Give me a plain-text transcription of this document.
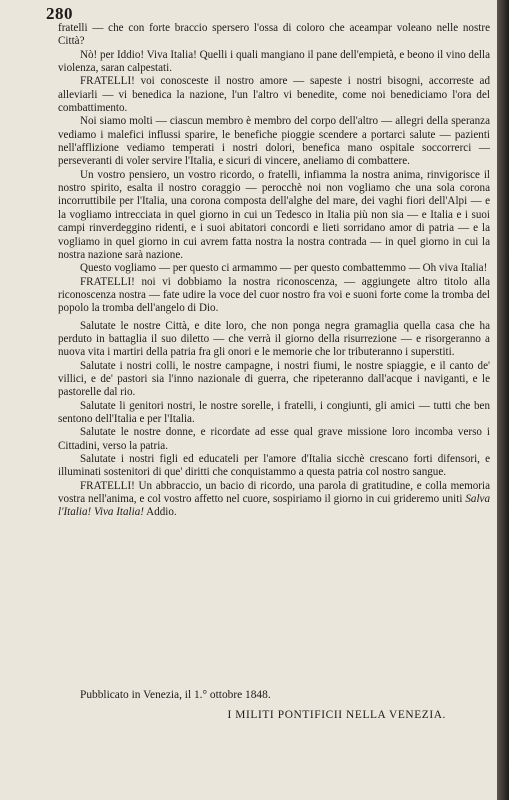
280

fratelli — che con forte braccio spersero l'ossa di coloro che aceampar voleano nelle nostre Città?

Nò! per Iddio! Viva Italia! Quelli i quali mangiano il pane dell'empietà, e beono il vino della violenza, saran calpestati.

FRATELLI! voi conosceste il nostro amore — sapeste i nostri bisogni, accorreste ad alleviarli — vi benedica la nazione, l'un l'altro vi benedite, come noi benediciamo l'ora del combattimento.

Noi siamo molti — ciascun membro è membro del corpo dell'altro — allegri della speranza vediamo i malefici influssi sparire, le benefiche pioggie scendere a portarci salute — pazienti nell'afflizione vediamo temperati i nostri dolori, benefica mano ospitale soccorrerci — perseveranti di voler servire l'Italia, e sicuri di vincere, aneliamo di combattere.

Un vostro pensiero, un vostro ricordo, o fratelli, infiamma la nostra anima, rinvigorisce il nostro spirito, esalta il nostro coraggio — perocchè noi non vogliamo che una sola corona incorruttibile per l'Italia, una corona composta dell'alghe del mare, dei vaghi fiori dell'Alpi — e la vogliamo intrecciata in quel giorno in cui un Tedesco in Italia più non sia — e Italia e i suoi campi rinverdeggino ridenti, e i suoi abitatori concordi e lieti sorridano amor di patria — e la vogliamo in quel giorno in cui avrem fatta nostra la nostra contrada — in quel giorno in cui la nostra nazione sarà nazione.

Questo vogliamo — per questo ci armammo — per questo combattemmo — Oh viva Italia!

FRATELLI! noi vi dobbiamo la nostra riconoscenza, — aggiungete altro titolo alla riconoscenza nostra — fate udire la voce del cuor nostro fra voi e suoni forte come la tromba del popolo la tromba dell'angelo di Dio.

Salutate le nostre Città, e dite loro, che non ponga negra gramaglia quella casa che ha perduto in battaglia il suo diletto — che verrà il giorno della risurrezione — e risorgeranno a nuova vita i martiri della patria fra gli onori e le memorie che lor tributeranno i superstiti.

Salutate i nostri colli, le nostre campagne, i nostri fiumi, le nostre spiaggie, e il canto de' villici, e de' pastori sia l'inno nazionale di guerra, che ripeteranno dall'acque i naviganti, e le pastorelle dal rio.

Salutate li genitori nostri, le nostre sorelle, i fratelli, i congiunti, gli amici — tutti che ben sentono dell'Italia e per l'Italia.

Salutate le nostre donne, e ricordate ad esse qual grave missione loro incomba verso i Cittadini, verso la patria.

Salutate i nostri figli ed educateli per l'amore d'Italia sicchè crescano forti difensori, e illuminati sostenitori di que' diritti che conquistammo a questa patria col nostro sangue.

FRATELLI! Un abbraccio, un bacio di ricordo, una parola di gratitudine, e colla memoria vostra nell'anima, e col vostro affetto nel cuore, sospiriamo il giorno in cui grideremo uniti Salva l'Italia! Viva Italia! Addio.

Pubblicato in Venezia, il 1.° ottobre 1848.

I MILITI PONTIFICII NELLA VENEZIA.
